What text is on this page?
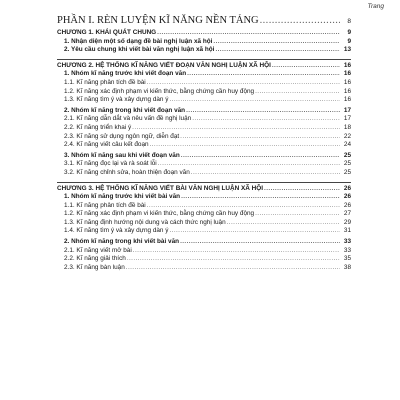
Trang
PHẦN I. RÈN LUYỆN KĨ NĂNG NỀN TẢNG .....	8
CHƯƠNG 1. KHÁI QUÁT CHUNG .....	9
1. Nhận diện một số dạng đề bài nghị luận xã hội .....	9
2. Yêu cầu chung khi viết bài văn nghị luận xã hội .....	13
CHƯƠNG 2. HỆ THỐNG KĨ NĂNG VIẾT ĐOẠN VĂN NGHỊ LUẬN XÃ HỘI .....	16
1. Nhóm kĩ năng trước khi viết đoạn văn .....	16
1.1. Kĩ năng phân tích đề bài .....	16
1.2. Kĩ năng xác định phạm vi kiến thức, bằng chứng cần huy động .....	16
1.3. Kĩ năng tìm ý và xây dựng dàn ý .....	16
2. Nhóm kĩ năng trong khi viết đoạn văn .....	17
2.1. Kĩ năng dẫn dắt và nêu vấn đề nghị luận .....	17
2.2. Kĩ năng triển khai ý .....	18
2.3. Kĩ năng sử dụng ngôn ngữ, diễn đạt .....	22
2.4. Kĩ năng viết câu kết đoạn .....	24
3. Nhóm kĩ năng sau khi viết đoạn văn .....	25
3.1. Kĩ năng đọc lại và rà soát lỗi .....	25
3.2. Kĩ năng chỉnh sửa, hoàn thiện đoạn văn .....	25
CHƯƠNG 3. HỆ THỐNG KĨ NĂNG VIẾT BÀI VĂN NGHỊ LUẬN XÃ HỘI .....	26
1. Nhóm kĩ năng trước khi viết bài văn .....	26
1.1. Kĩ năng phân tích đề bài .....	26
1.2. Kĩ năng xác định phạm vi kiến thức, bằng chứng cần huy động .....	27
1.3. Kĩ năng định hướng nội dung và cách thức nghị luận .....	29
1.4. Kĩ năng tìm ý và xây dựng dàn ý .....	31
2. Nhóm kĩ năng trong khi viết bài văn .....	33
2.1. Kĩ năng viết mở bài .....	33
2.2. Kĩ năng giải thích .....	35
2.3. Kĩ năng bàn luận .....	38
